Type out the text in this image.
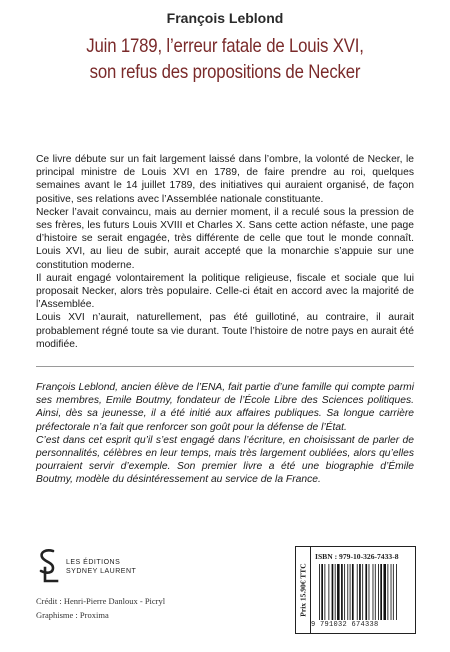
François Leblond
Juin 1789, l’erreur fatale de Louis XVI,
son refus des propositions de Necker

Ce livre débute sur un fait largement laissé dans l’ombre, la volonté de Necker, le principal ministre de Louis XVI en 1789, de faire prendre au roi, quelques semaines avant le 14 juillet 1789, des initiatives qui auraient organisé, de façon positive, ses relations avec l’Assemblée nationale constituante.

Necker l’avait convaincu, mais au dernier moment, il a reculé sous la pression de ses frères, les futurs Louis XVIII et Charles X. Sans cette action néfaste, une page d’histoire se serait engagée, très différente de celle que tout le monde connaît. Louis XVI, au lieu de subir, aurait accepté que la monarchie s’appuie sur une constitution moderne.

Il aurait engagé volontairement la politique religieuse, fiscale et sociale que lui proposait Necker, alors très populaire. Celle-ci était en accord avec la majorité de l’Assemblée.

Louis XVI n’aurait, naturellement, pas été guillotiné, au contraire, il aurait probablement régné toute sa vie durant. Toute l’histoire de notre pays en aurait été modifiée.

François Leblond, ancien élève de l’ENA, fait partie d’une famille qui compte parmi ses membres, Emile Boutmy, fondateur de l’École Libre des Sciences politiques. Ainsi, dès sa jeunesse, il a été initié aux affaires publiques. Sa longue carrière préfectorale n’a fait que renforcer son goût pour la défense de l’État.

C’est dans cet esprit qu’il s’est engagé dans l’écriture, en choisissant de parler de personnalités, célèbres en leur temps, mais très largement oubliées, alors qu’elles pourraient servir d’exemple. Son premier livre a été une biographie d’Émile Boutmy, modèle du désintéressement au service de la France.

LES ÉDITIONS
SYDNEY LAURENT
Crédit : Henri-Pierre Danloux - Picryl
Graphisme : Proxima	Prix 15.90€ TTC
ISBN : 979-10-326-7433-8
9 791032 674338
